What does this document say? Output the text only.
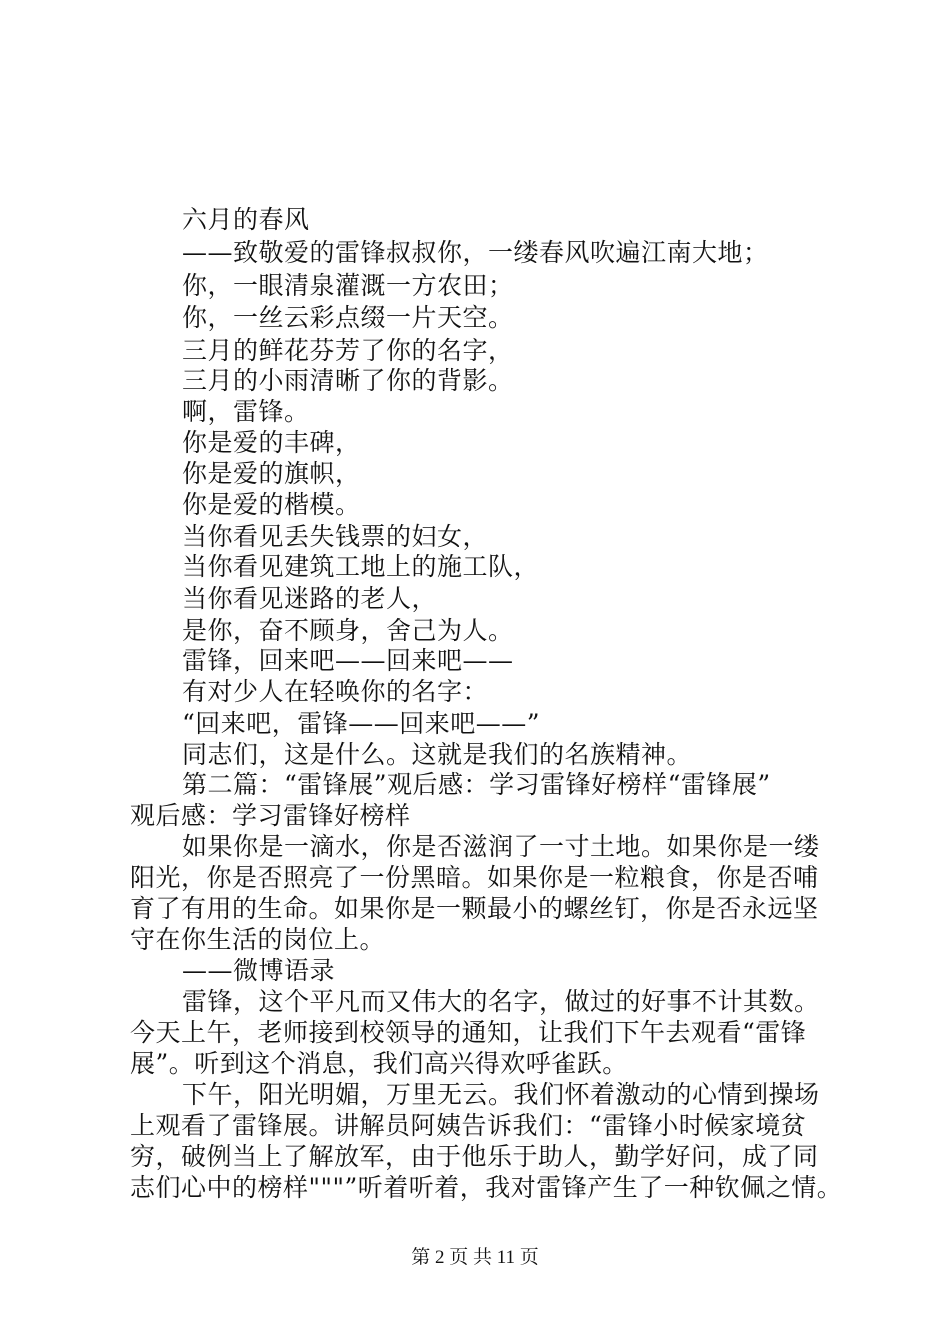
六月的春风
——致敬爱的雷锋叔叔你，一缕春风吹遍江南大地；
你，一眼清泉灌溉一方农田；
你，一丝云彩点缀一片天空。
三月的鲜花芬芳了你的名字，
三月的小雨清晰了你的背影。
啊，雷锋。
你是爱的丰碑，
你是爱的旗帜，
你是爱的楷模。
当你看见丢失钱票的妇女，
当你看见建筑工地上的施工队，
当你看见迷路的老人，
是你，奋不顾身，舍己为人。
雷锋，回来吧——回来吧——
有对少人在轻唤你的名字：
“回来吧，雷锋——回来吧——”
同志们，这是什么。这就是我们的名族精神。
第二篇：“雷锋展”观后感：学习雷锋好榜样“雷锋展”
观后感：学习雷锋好榜样
如果你是一滴水，你是否滋润了一寸土地。如果你是一缕
阳光，你是否照亮了一份黑暗。如果你是一粒粮食，你是否哺
育了有用的生命。如果你是一颗最小的螺丝钉，你是否永远坚
守在你生活的岗位上。
——微博语录
雷锋，这个平凡而又伟大的名字，做过的好事不计其数。
今天上午，老师接到校领导的通知，让我们下午去观看“雷锋
展”。听到这个消息，我们高兴得欢呼雀跃。
下午，阳光明媚，万里无云。我们怀着激动的心情到操场
上观看了雷锋展。讲解员阿姨告诉我们：“雷锋小时候家境贫
穷，破例当上了解放军，由于他乐于助人，勤学好问，成了同
志们心中的榜样"""”听着听着，我对雷锋产生了一种钦佩之情。
第 2 页 共 11 页
